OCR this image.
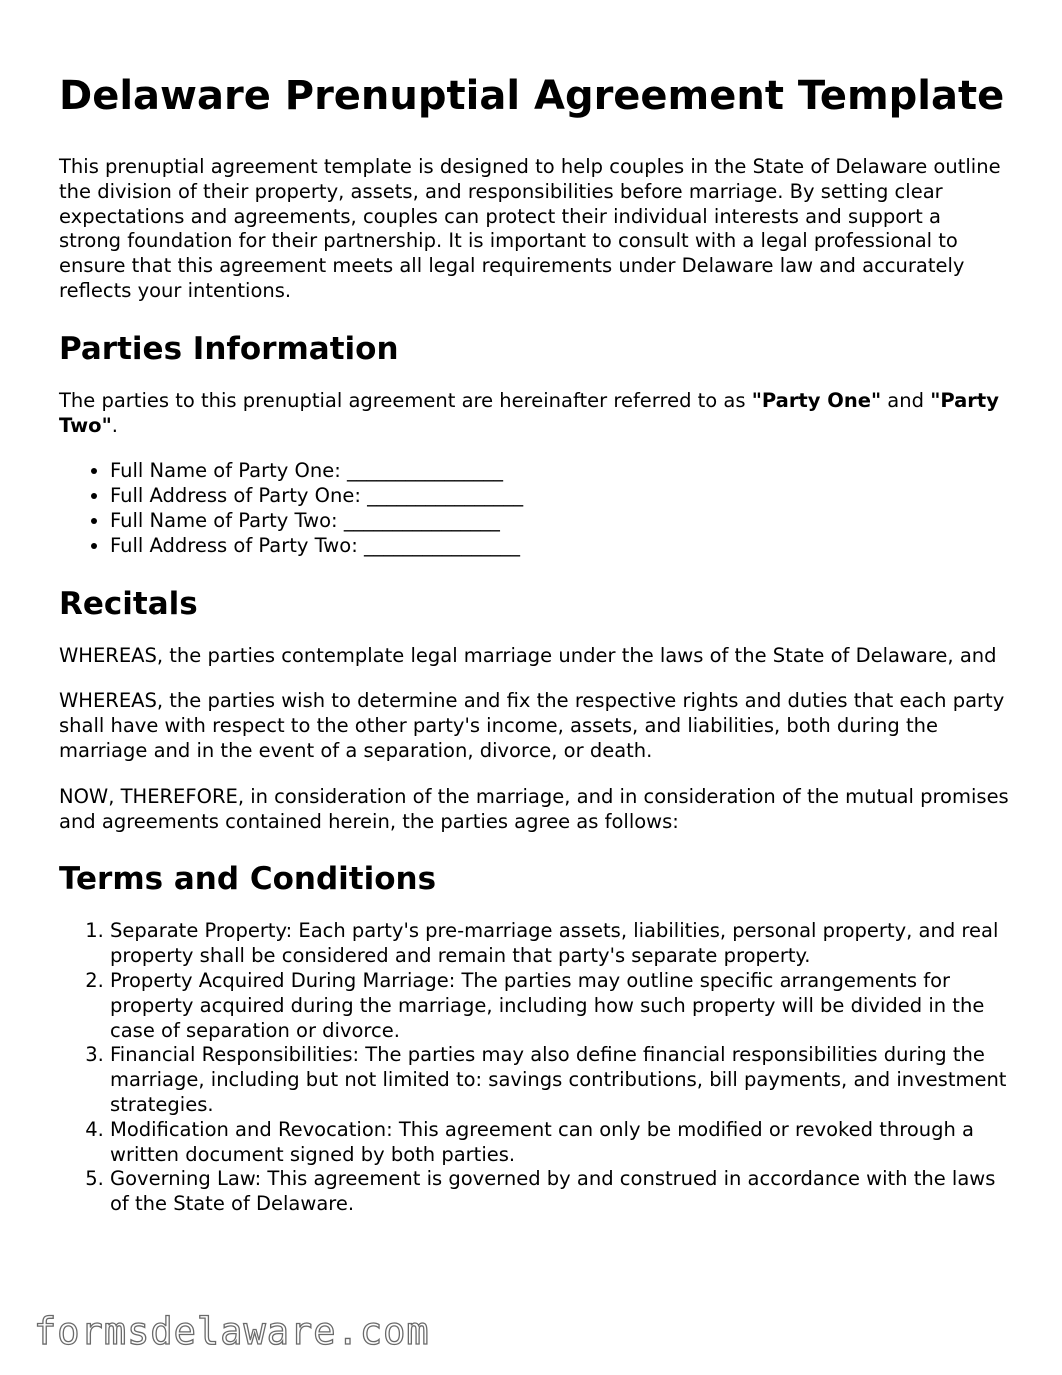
Delaware Prenuptial Agreement Template

This prenuptial agreement template is designed to help couples in the State of Delaware outline the division of their property, assets, and responsibilities before marriage. By setting clear expectations and agreements, couples can protect their individual interests and support a strong foundation for their partnership. It is important to consult with a legal professional to ensure that this agreement meets all legal requirements under Delaware law and accurately reflects your intentions.

Parties Information

The parties to this prenuptial agreement are hereinafter referred to as "Party One" and "Party Two".

• Full Name of Party One: ________________
• Full Address of Party One: ________________
• Full Name of Party Two: ________________
• Full Address of Party Two: ________________
Recitals

WHEREAS, the parties contemplate legal marriage under the laws of the State of Delaware, and

WHEREAS, the parties wish to determine and fix the respective rights and duties that each party shall have with respect to the other party's income, assets, and liabilities, both during the marriage and in the event of a separation, divorce, or death.

NOW, THEREFORE, in consideration of the marriage, and in consideration of the mutual promises and agreements contained herein, the parties agree as follows:

Terms and Conditions
1. Separate Property: Each party's pre-marriage assets, liabilities, personal property, and real property shall be considered and remain that party's separate property.
2. Property Acquired During Marriage: The parties may outline specific arrangements for property acquired during the marriage, including how such property will be divided in the case of separation or divorce.
3. Financial Responsibilities: The parties may also define financial responsibilities during the marriage, including but not limited to: savings contributions, bill payments, and investment strategies.
4. Modification and Revocation: This agreement can only be modified or revoked through a written document signed by both parties.
5. Governing Law: This agreement is governed by and construed in accordance with the laws of the State of Delaware.
formsdelaware.com
